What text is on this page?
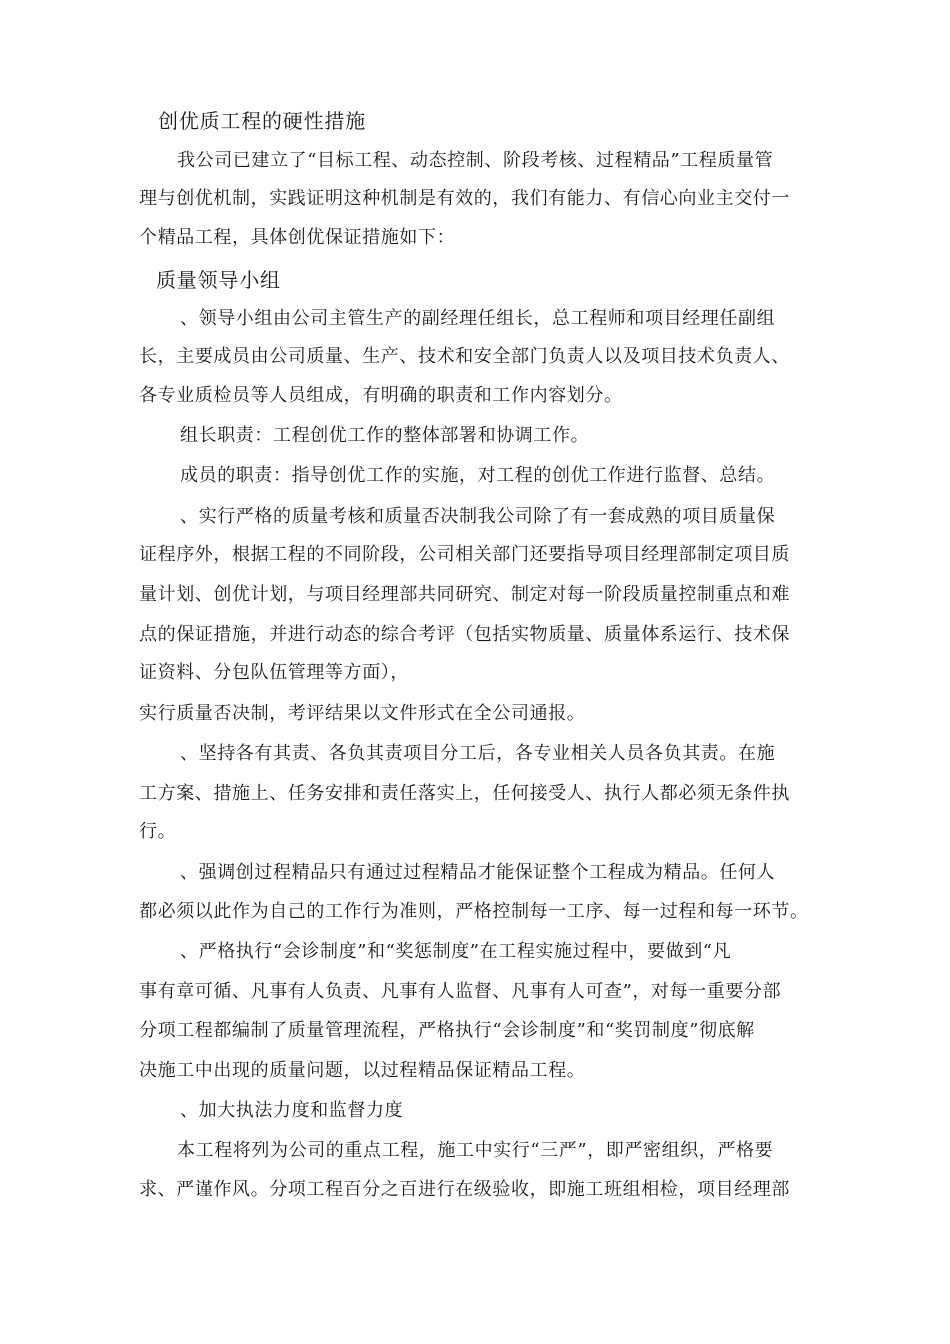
创优质工程的硬性措施

我公司已建立了“目标工程、动态控制、阶段考核、过程精品”工程质量管

理与创优机制，实践证明这种机制是有效的，我们有能力、有信心向业主交付一

个精品工程，具体创优保证措施如下：

质量领导小组

、领导小组由公司主管生产的副经理任组长，总工程师和项目经理任副组

长，主要成员由公司质量、生产、技术和安全部门负责人以及项目技术负责人、

各专业质检员等人员组成，有明确的职责和工作内容划分。

组长职责：工程创优工作的整体部署和协调工作。

成员的职责：指导创优工作的实施，对工程的创优工作进行监督、总结。

、实行严格的质量考核和质量否决制我公司除了有一套成熟的项目质量保

证程序外，根据工程的不同阶段，公司相关部门还要指导项目经理部制定项目质

量计划、创优计划，与项目经理部共同研究、制定对每一阶段质量控制重点和难

点的保证措施，并进行动态的综合考评（包括实物质量、质量体系运行、技术保

证资料、分包队伍管理等方面），

实行质量否决制，考评结果以文件形式在全公司通报。

、坚持各有其责、各负其责项目分工后，各专业相关人员各负其责。在施

工方案、措施上、任务安排和责任落实上，任何接受人、执行人都必须无条件执

行。

、强调创过程精品只有通过过程精品才能保证整个工程成为精品。任何人

都必须以此作为自己的工作行为准则，严格控制每一工序、每一过程和每一环节。

、严格执行“会诊制度”和“奖惩制度”在工程实施过程中，要做到“凡

事有章可循、凡事有人负责、凡事有人监督、凡事有人可查”，对每一重要分部

分项工程都编制了质量管理流程，严格执行“会诊制度”和“奖罚制度”彻底解

决施工中出现的质量问题，以过程精品保证精品工程。

、加大执法力度和监督力度

本工程将列为公司的重点工程，施工中实行“三严”，即严密组织，严格要

求、严谨作风。分项工程百分之百进行在级验收，即施工班组相检，项目经理部
